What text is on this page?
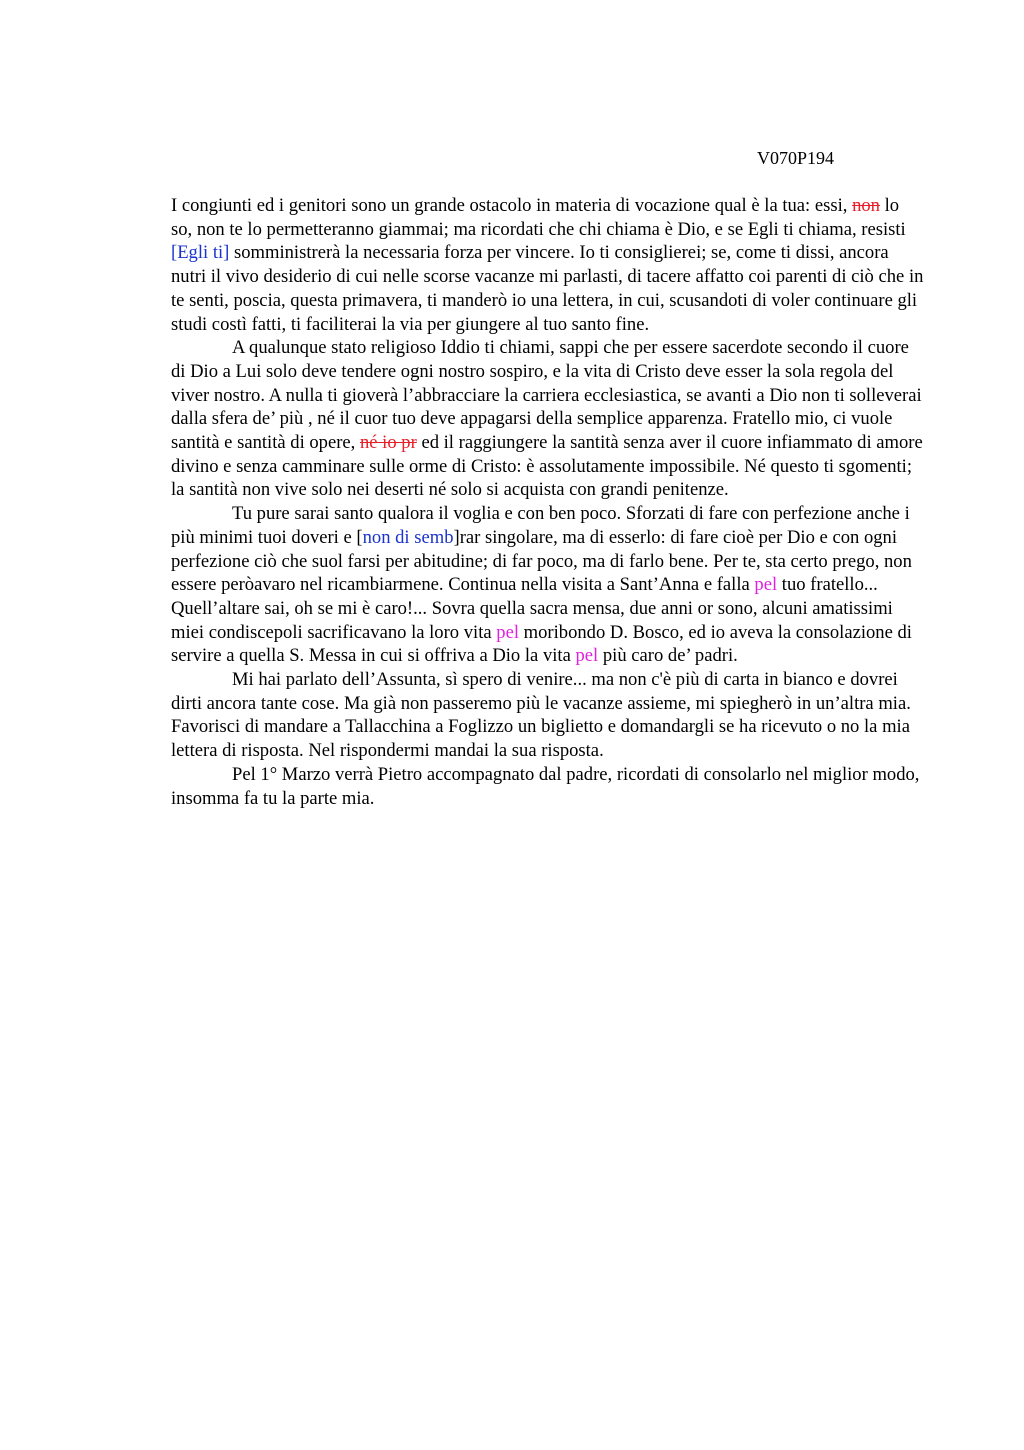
V070P194

I congiunti ed i genitori sono un grande ostacolo in materia di vocazione qual è la tua: essi, non lo so, non te lo permetteranno giammai; ma ricordati che chi chiama è Dio, e se Egli ti chiama, resisti [Egli ti] somministrerà la necessaria forza per vincere. Io ti consiglierei; se, come ti dissi, ancora nutri il vivo desiderio di cui nelle scorse vacanze mi parlasti, di tacere affatto coi parenti di ciò che in te senti, poscia, questa primavera, ti manderò io una lettera, in cui, scusandoti di voler continuare gli studi costì fatti, ti faciliterai la via per giungere al tuo santo fine.

A qualunque stato religioso Iddio ti chiami, sappi che per essere sacerdote secondo il cuore di Dio a Lui solo deve tendere ogni nostro sospiro, e la vita di Cristo deve esser la sola regola del viver nostro. A nulla ti gioverà l’abbracciare la carriera ecclesiastica, se avanti a Dio non ti solleverai dalla sfera de’ più , né il cuor tuo deve appagarsi della semplice apparenza. Fratello mio, ci vuole santità e santità di opere, né io pr ed il raggiungere la santità senza aver il cuore infiammato di amore divino e senza camminare sulle orme di Cristo: è assolutamente impossibile. Né questo ti sgomenti; la santità non vive solo nei deserti né solo si acquista con grandi penitenze.

Tu pure sarai santo qualora il voglia e con ben poco. Sforzati di fare con perfezione anche i più minimi tuoi doveri e [non di semb]rar singolare, ma di esserlo: di fare cioè per Dio e con ogni perfezione ciò che suol farsi per abitudine; di far poco, ma di farlo bene. Per te, sta certo prego, non essere peròavaro nel ricambiarmene. Continua nella visita a Sant’Anna e falla pel tuo fratello... Quell’altare sai, oh se mi è caro!... Sovra quella sacra mensa, due anni or sono, alcuni amatissimi miei condiscepoli sacrificavano la loro vita pel moribondo D. Bosco, ed io aveva la consolazione di servire a quella S. Messa in cui si offriva a Dio la vita pel più caro de’ padri.

Mi hai parlato dell’Assunta, sì spero di venire... ma non c'è più di carta in bianco e dovrei dirti ancora tante cose. Ma già non passeremo più le vacanze assieme, mi spiegherò in un’altra mia. Favorisci di mandare a Tallacchina a Foglizzo un biglietto e domandargli se ha ricevuto o no la mia lettera di risposta. Nel rispondermi mandai la sua risposta.

Pel 1° Marzo verrà Pietro accompagnato dal padre, ricordati di consolarlo nel miglior modo, insomma fa tu la parte mia.
